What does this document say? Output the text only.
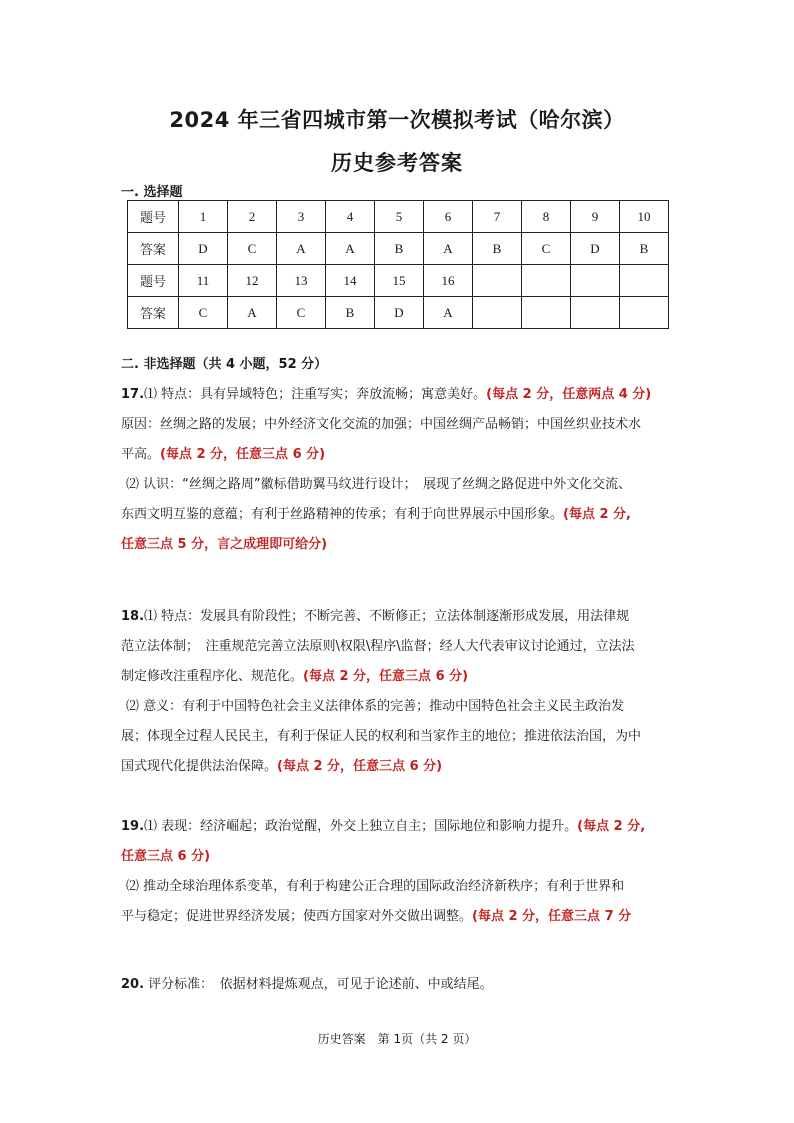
2024 年三省四城市第一次模拟考试（哈尔滨）
历史参考答案
一. 选择题
题号	1	2	3	4	5	6	7	8	9	10
答案	D	C	A	A	B	A	B	C	D	B
题号	11	12	13	14	15	16				
答案	C	A	C	B	D	A				
二. 非选择题（共 4 小题，52 分）
17.⑴ 特点：具有异域特色；注重写实；奔放流畅；寓意美好。(每点 2 分，任意两点 4 分)
原因：丝绸之路的发展；中外经济文化交流的加强；中国丝绸产品畅销；中国丝织业技术水
平高。(每点 2 分，任意三点 6 分)
⑵ 认识：“丝绸之路周”徽标借助翼马纹进行设计；　展现了丝绸之路促进中外文化交流、
东西文明互鉴的意蕴；有利于丝路精神的传承；有利于向世界展示中国形象。(每点 2 分,
任意三点 5 分，言之成理即可给分)
18.⑴ 特点：发展具有阶段性；不断完善、不断修正；立法体制逐渐形成发展，用法律规
范立法体制；　注重规范完善立法原则\权限\程序\监督；经人大代表审议讨论通过，立法法
制定修改注重程序化、规范化。(每点 2 分，任意三点 6 分)
⑵ 意义：有利于中国特色社会主义法律体系的完善；推动中国特色社会主义民主政治发
展；体现全过程人民民主，有利于保证人民的权利和当家作主的地位；推进依法治国，为中
国式现代化提供法治保障。(每点 2 分，任意三点 6 分)
19.⑴ 表现：经济崛起；政治觉醒，外交上独立自主；国际地位和影响力提升。(每点 2 分,
任意三点 6 分)
⑵ 推动全球治理体系变革，有利于构建公正合理的国际政治经济新秩序；有利于世界和
平与稳定；促进世界经济发展；使西方国家对外交做出调整。(每点 2 分，任意三点 7 分
20. 评分标准：　依据材料提炼观点，可见于论述前、中或结尾。
历史答案　第 1页（共 2 页）
